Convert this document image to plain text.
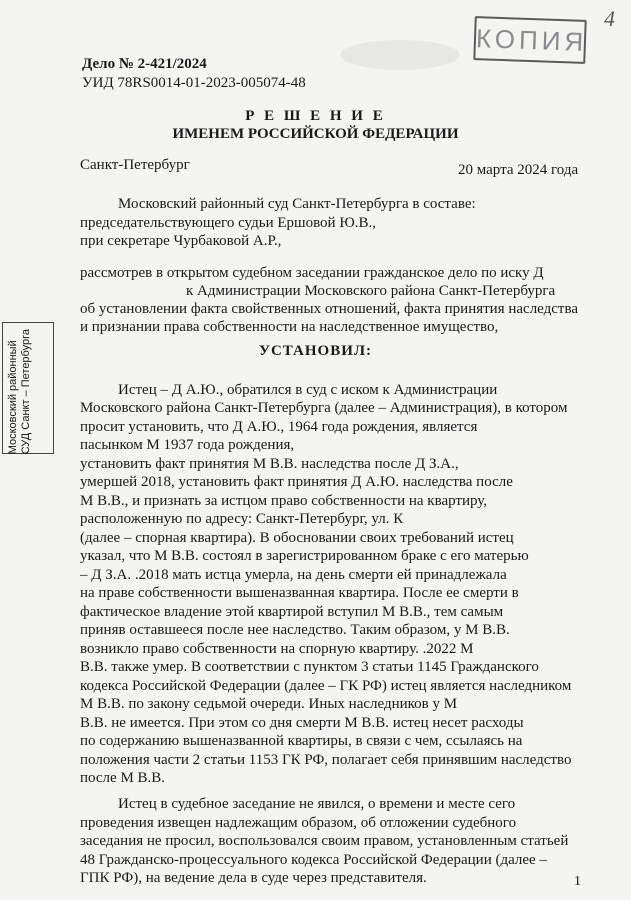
4
КОПИЯ
Дело № 2-421/2024
УИД 78RS0014-01-2023-005074-48
Р Е Ш Е Н И Е
ИМЕНЕМ РОССИЙСКОЙ ФЕДЕРАЦИИ
Санкт-Петербург	20 марта 2024 года
Московский районный суд Санкт-Петербурга в составе:
председательствующего судьи Ершовой Ю.В.,
при секретаре Чурбаковой А.Р.,
рассмотрев в открытом судебном заседании гражданское дело по иску Д
к Администрации Московского района Санкт-Петербурга
об установлении факта свойственных отношений, факта принятия наследства
и признании права собственности на наследственное имущество,
Московский районный СУД Санкт – Петербурга	УСТАНОВИЛ:
Истец – Д А.Ю., обратился в суд с иском к Администрации
Московского района Санкт-Петербурга (далее – Администрация), в котором
просит установить, что Д А.Ю., 1964 года рождения, является
пасынком М 1937 года рождения,
установить факт принятия М В.В. наследства после Д З.А.,
умершей 2018, установить факт принятия Д А.Ю. наследства после
М В.В., и признать за истцом право собственности на квартиру,
расположенную по адресу: Санкт-Петербург, ул. К
(далее – спорная квартира). В обосновании своих требований истец
указал, что М В.В. состоял в зарегистрированном браке с его матерью
– Д З.А. .2018 мать истца умерла, на день смерти ей принадлежала
на праве собственности вышеназванная квартира. После ее смерти в
фактическое владение этой квартирой вступил М В.В., тем самым
приняв оставшееся после нее наследство. Таким образом, у М В.В.
возникло право собственности на спорную квартиру. .2022 М
В.В. также умер. В соответствии с пунктом 3 статьи 1145 Гражданского
кодекса Российской Федерации (далее – ГК РФ) истец является наследником
М В.В. по закону седьмой очереди. Иных наследников у М
В.В. не имеется. При этом со дня смерти М В.В. истец несет расходы
по содержанию вышеназванной квартиры, в связи с чем, ссылаясь на
положения части 2 статьи 1153 ГК РФ, полагает себя принявшим наследство
после М В.В.
Истец в судебное заседание не явился, о времени и месте сего
проведения извещен надлежащим образом, об отложении судебного
заседания не просил, воспользовался своим правом, установленным статьей
48 Гражданско-процессуального кодекса Российской Федерации (далее –
ГПК РФ), на ведение дела в суде через представителя.	1
